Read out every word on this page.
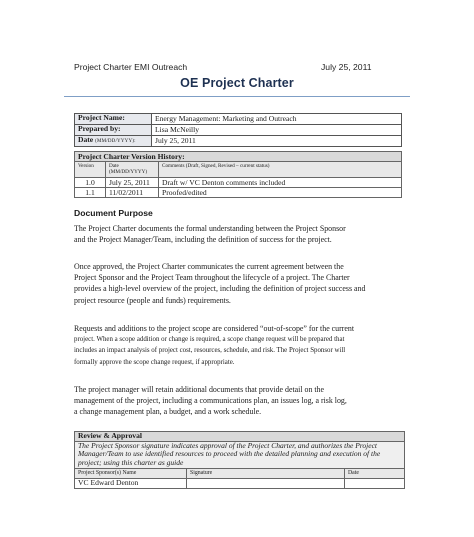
Project Charter EMI Outreach	July 25, 2011
OE Project Charter
Project Name:	Energy Management: Marketing and Outreach
Prepared by:	Lisa McNeilly
Date (MM/DD/YYYY):	July 25, 2011
Project Charter Version History:		
Version	Date (MM/DD/YYYY)	Comments (Draft, Signed, Revised – current status)
1.0	July 25, 2011	Draft w/ VC Denton comments included
1.1	11/02/2011	Proofed/edited
Document Purpose
The Project Charter documents the formal understanding between the Project Sponsor
and the Project Manager/Team, including the definition of success for the project.
Once approved, the Project Charter communicates the current agreement between the
Project Sponsor and the Project Team throughout the lifecycle of a project. The Charter
provides a high-level overview of the project, including the definition of project success and
project resource (people and funds) requirements.
Requests and additions to the project scope are considered “out-of-scope” for the current
project. When a scope addition or change is required, a scope change request will be prepared that
includes an impact analysis of project cost, resources, schedule, and risk. The Project Sponsor will
formally approve the scope change request, if appropriate.
The project manager will retain additional documents that provide detail on the
management of the project, including a communications plan, an issues log, a risk log,
a change management plan, a budget, and a work schedule.
Review & Approval		
The Project Sponsor signature indicates approval of the Project Charter, and authorizes the Project Manager/Team to use identified resources to proceed with the detailed planning and execution of the project; using this charter as guide		
Project Sponsor(s) Name	Signature	Date
VC Edward Denton		
